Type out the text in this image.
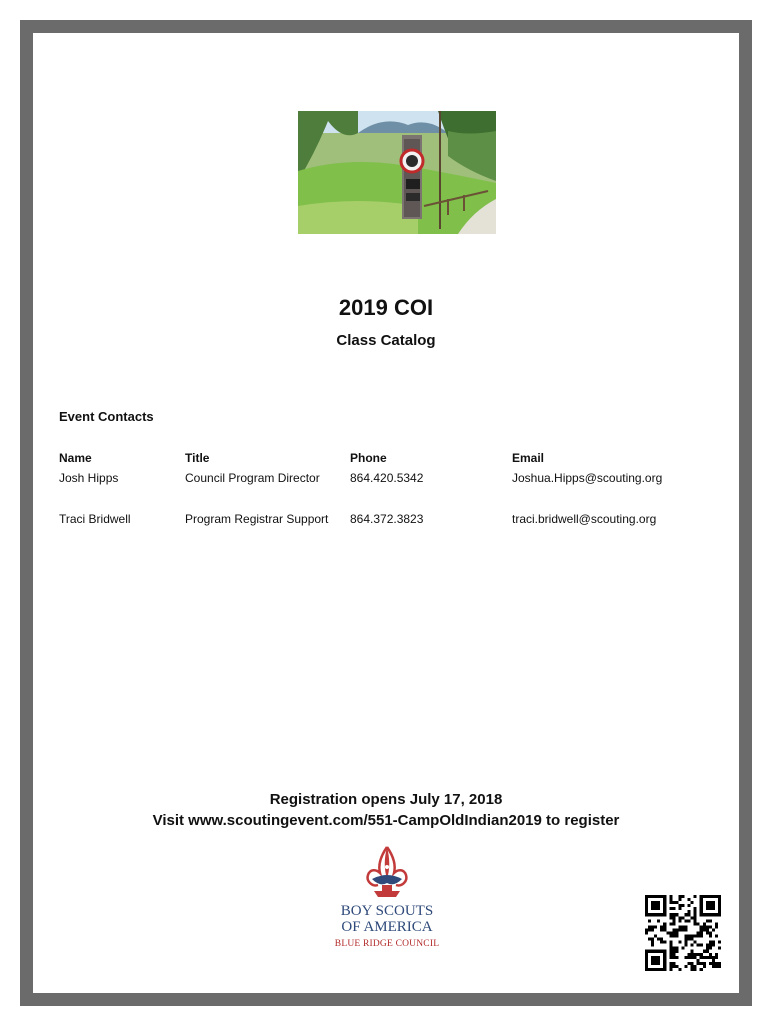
2019 COI
Class Catalog
Event Contacts
Name	Title	Phone	Email
Josh Hipps	Council Program Director	864.420.5342	Joshua.Hipps@scouting.org
Traci Bridwell	Program Registrar Support 864.372.3823	traci.bridwell@scouting.org
Registration opens July 17, 2018
Visit www.scoutingevent.com/551-CampOldIndian2019 to register
BOY SCOUTS
OF AMERICA
BLUE RIDGE COUNCIL
